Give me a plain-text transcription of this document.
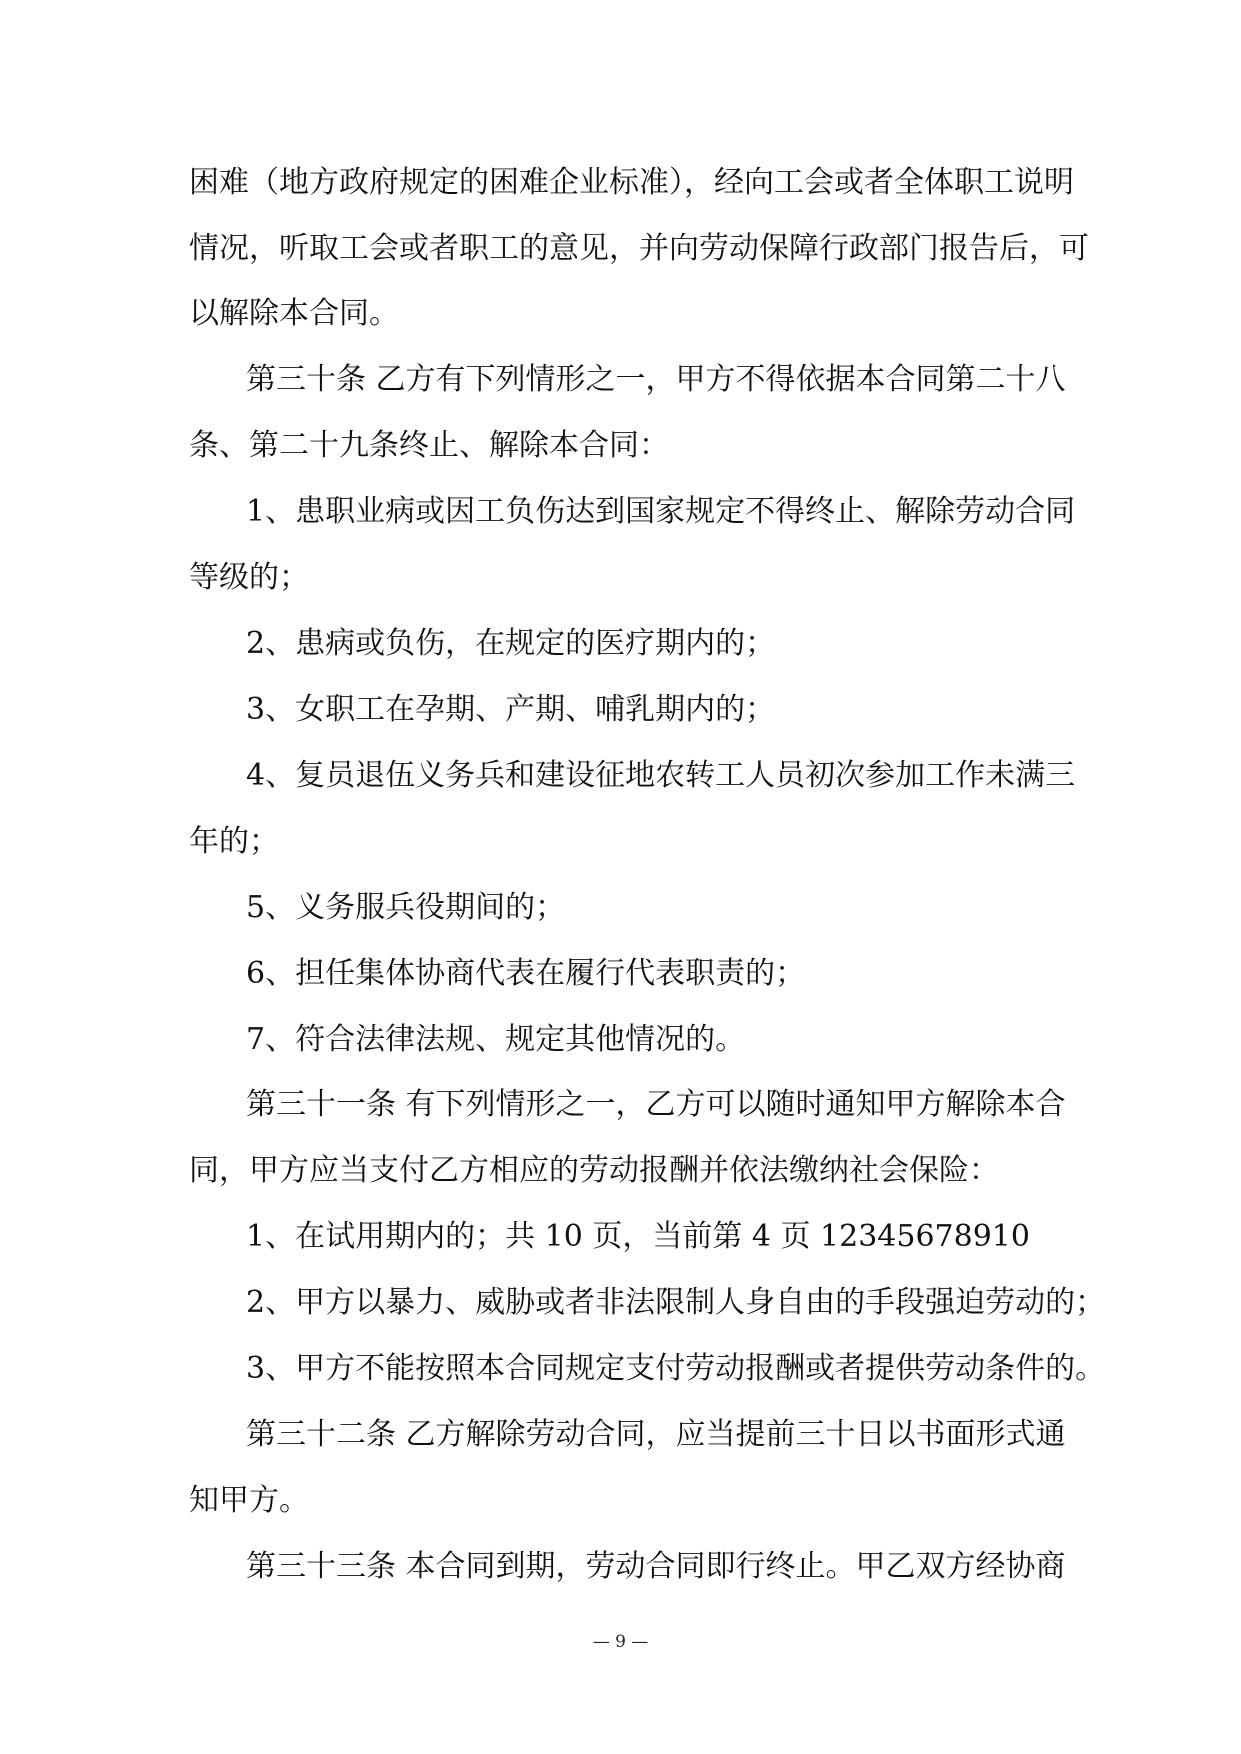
困难（地方政府规定的困难企业标准），经向工会或者全体职工说明
情况，听取工会或者职工的意见，并向劳动保障行政部门报告后，可
以解除本合同。
第三十条 乙方有下列情形之一，甲方不得依据本合同第二十八
条、第二十九条终止、解除本合同：
1、患职业病或因工负伤达到国家规定不得终止、解除劳动合同
等级的；
2、患病或负伤，在规定的医疗期内的；
3、女职工在孕期、产期、哺乳期内的；
4、复员退伍义务兵和建设征地农转工人员初次参加工作未满三
年的；
5、义务服兵役期间的；
6、担任集体协商代表在履行代表职责的；
7、符合法律法规、规定其他情况的。
第三十一条 有下列情形之一，乙方可以随时通知甲方解除本合
同，甲方应当支付乙方相应的劳动报酬并依法缴纳社会保险：
1、在试用期内的；共 10 页，当前第 4 页 12345678910
2、甲方以暴力、威胁或者非法限制人身自由的手段强迫劳动的；
3、甲方不能按照本合同规定支付劳动报酬或者提供劳动条件的。
第三十二条 乙方解除劳动合同，应当提前三十日以书面形式通
知甲方。
第三十三条 本合同到期，劳动合同即行终止。甲乙双方经协商
— 9 —
